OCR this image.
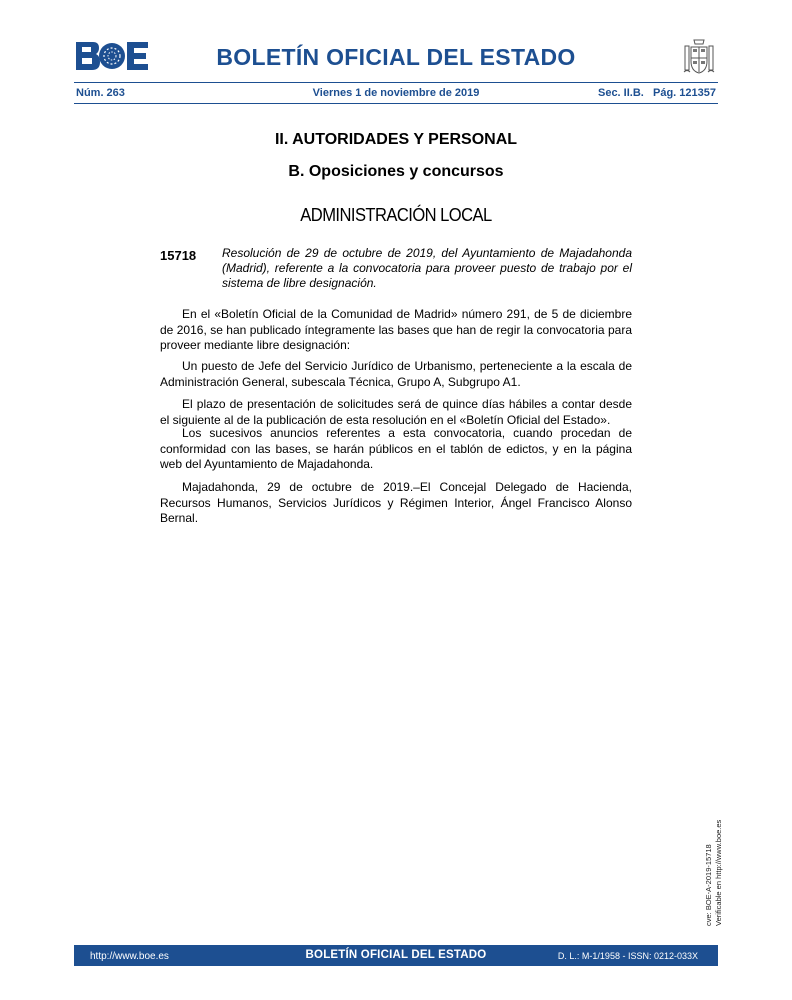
BOLETÍN OFICIAL DEL ESTADO
Núm. 263	Viernes 1 de noviembre de 2019	Sec. II.B.   Pág. 121357
II. AUTORIDADES Y PERSONAL
B. Oposiciones y concursos
ADMINISTRACIÓN LOCAL
15718 Resolución de 29 de octubre de 2019, del Ayuntamiento de Majadahonda (Madrid), referente a la convocatoria para proveer puesto de trabajo por el sistema de libre designación.

En el «Boletín Oficial de la Comunidad de Madrid» número 291, de 5 de diciembre de 2016, se han publicado íntegramente las bases que han de regir la convocatoria para proveer mediante libre designación:

Un puesto de Jefe del Servicio Jurídico de Urbanismo, perteneciente a la escala de Administración General, subescala Técnica, Grupo A, Subgrupo A1.

El plazo de presentación de solicitudes será de quince días hábiles a contar desde el siguiente al de la publicación de esta resolución en el «Boletín Oficial del Estado».

Los sucesivos anuncios referentes a esta convocatoria, cuando procedan de conformidad con las bases, se harán públicos en el tablón de edictos, y en la página web del Ayuntamiento de Majadahonda.

Majadahonda, 29 de octubre de 2019.–El Concejal Delegado de Hacienda, Recursos Humanos, Servicios Jurídicos y Régimen Interior, Ángel Francisco Alonso Bernal.

cve: BOE-A-2019-15718 Verificable en http://www.boe.es
http://www.boe.es	BOLETÍN OFICIAL DEL ESTADO	D. L.: M-1/1958 - ISSN: 0212-033X
